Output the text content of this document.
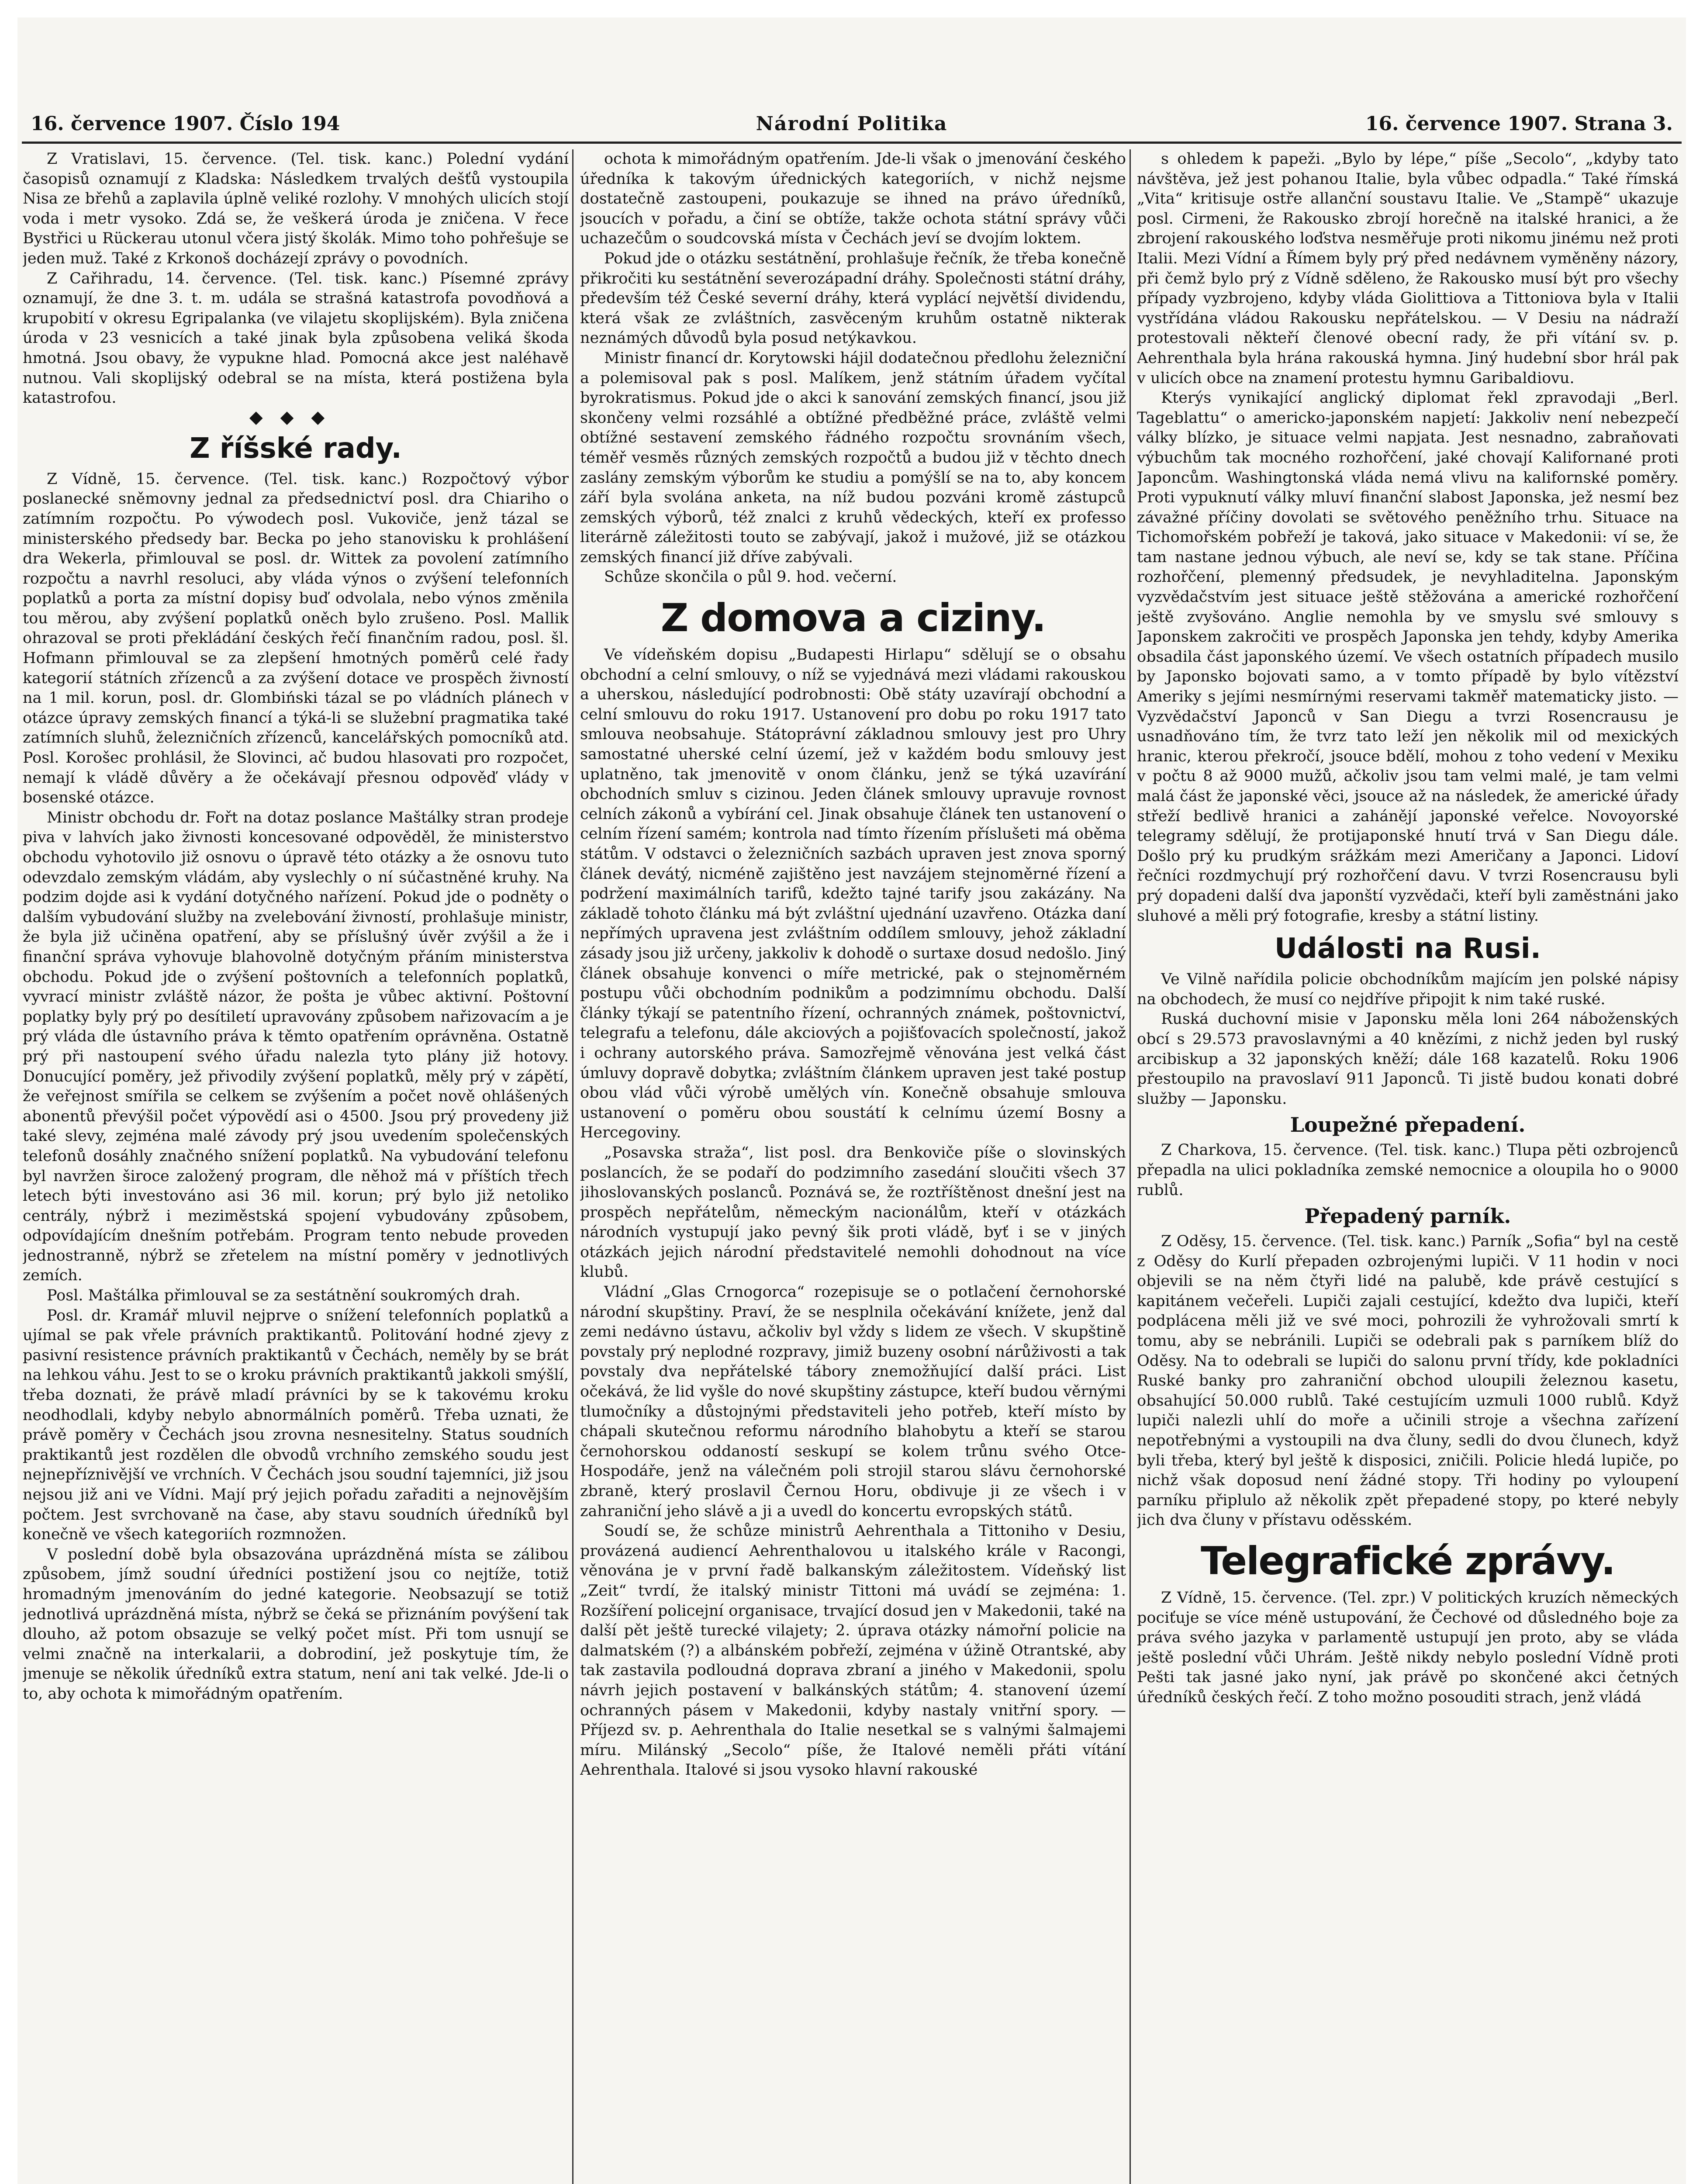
16. července 1907. Číslo 194	Národní Politika	16. července 1907. Strana 3.

Z Vratislavi, 15. července. (Tel. tisk. kanc.) Polední vydání časopisů oznamují z Kladska: Následkem trvalých dešťů vystoupila Nisa ze břehů a zaplavila úplně veliké rozlohy. V mnohých ulicích stojí voda i metr vysoko. Zdá se, že veškerá úroda je zničena. V řece Bystřici u Rückerau utonul včera jistý školák. Mimo toho pohřešuje se jeden muž. Také z Krkonoš docházejí zprávy o povodních.

Z Cařihradu, 14. července. (Tel. tisk. kanc.) Písemné zprávy oznamují, že dne 3. t. m. udála se strašná katastrofa povodňová a krupobití v okresu Egripalanka (ve vilajetu skoplijském). Byla zničena úroda v 23 vesnicích a také jinak byla způsobena veliká škoda hmotná. Jsou obavy, že vypukne hlad. Pomocná akce jest naléhavě nutnou. Vali skoplijský odebral se na místa, která postižena byla katastrofou.

◆◆◆
Z říšské rady.

Z Vídně, 15. července. (Tel. tisk. kanc.) Rozpočtový výbor poslanecké sněmovny jednal za předsednictví posl. dra Chiariho o zatímním rozpočtu. Po výwodech posl. Vukoviče, jenž tázal se ministerského předsedy bar. Becka po jeho stanovisku k prohlášení dra Wekerla, přimlouval se posl. dr. Wittek za povolení zatímního rozpočtu a navrhl resoluci, aby vláda výnos o zvýšení telefonních poplatků a porta za místní dopisy buď odvolala, nebo výnos změnila tou měrou, aby zvýšení poplatků oněch bylo zrušeno. Posl. Mallik ohrazoval se proti překládání českých řečí finančním radou, posl. šl. Hofmann přimlouval se za zlepšení hmotných poměrů celé řady kategorií státních zřízenců a za zvýšení dotace ve prospěch živností na 1 mil. korun, posl. dr. Glombiński tázal se po vládních plánech v otázce úpravy zemských financí a týká-li se služební pragmatika také zatímních sluhů, železničních zřízenců, kancelářských pomocníků atd. Posl. Korošec prohlásil, že Slovinci, ač budou hlasovati pro rozpočet, nemají k vládě důvěry a že očekávají přesnou odpověď vlády v bosenské otázce.

Ministr obchodu dr. Fořt na dotaz poslance Maštálky stran prodeje piva v lahvích jako živnosti koncesované odpověděl, že ministerstvo obchodu vyhotovilo již osnovu o úpravě této otázky a že osnovu tuto odevzdalo zemským vládám, aby vyslechly o ní súčastněné kruhy. Na podzim dojde asi k vydání dotyčného nařízení. Pokud jde o podněty o dalším vybudování služby na zvelebování živností, prohlašuje ministr, že byla již učiněna opatření, aby se příslušný úvěr zvýšil a že i finanční správa vyhovuje blahovolně dotyčným přáním ministerstva obchodu. Pokud jde o zvýšení poštovních a telefonních poplatků, vyvrací ministr zvláště názor, že pošta je vůbec aktivní. Poštovní poplatky byly prý po desítiletí upravovány způsobem nařizovacím a je prý vláda dle ústavního práva k těmto opatřením oprávněna. Ostatně prý při nastoupení svého úřadu nalezla tyto plány již hotovy. Donucující poměry, jež přivodily zvýšení poplatků, měly prý v zápětí, že veřejnost smířila se celkem se zvýšením a počet nově ohlášených abonentů převýšil počet výpovědí asi o 4500. Jsou prý provedeny již také slevy, zejména malé závody prý jsou uvedením společenských telefonů dosáhly značného snížení poplatků. Na vybudování telefonu byl navržen široce založený program, dle něhož má v příštích třech letech býti investováno asi 36 mil. korun; prý bylo již netoliko centrály, nýbrž i meziměstská spojení vybudovány způsobem, odpovídajícím dnešním potřebám. Program tento nebude proveden jednostranně, nýbrž se zřetelem na místní poměry v jednotlivých zemích.

Posl. Maštálka přimlouval se za sestátnění soukromých drah.

Posl. dr. Kramář mluvil nejprve o snížení telefonních poplatků a ujímal se pak vřele právních praktikantů. Politování hodné zjevy z pasivní resistence právních praktikantů v Čechách, neměly by se brát na lehkou váhu. Jest to se o kroku právních praktikantů jakkoli smýšlí, třeba doznati, že právě mladí právníci by se k takovému kroku neodhodlali, kdyby nebylo abnormálních poměrů. Třeba uznati, že právě poměry v Čechách jsou zrovna nesnesitelny. Status soudních praktikantů jest rozdělen dle obvodů vrchního zemského soudu jest nejnepříznivější ve vrchních. V Čechách jsou soudní tajemníci, již jsou nejsou již ani ve Vídni. Mají prý jejich pořadu zařaditi a nejnovějším počtem. Jest svrchovaně na čase, aby stavu soudních úředníků byl konečně ve všech kategoriích rozmnožen.

V poslední době byla obsazována uprázdněná místa se zálibou způsobem, jímž soudní úředníci postižení jsou co nejtíže, totiž hromadným jmenováním do jedné kategorie. Neobsazují se totiž jednotlivá uprázdněná místa, nýbrž se čeká se přiznáním povýšení tak dlouho, až potom obsazuje se velký počet míst. Při tom usnují se velmi značně na interkalarii, a dobrodiní, jež poskytuje tím, že jmenuje se několik úředníků extra statum, není ani tak velké. Jde-li o to, aby ochota k mimořádným opatřením.

ochota k mimořádným opatřením. Jde-li však o jmenování českého úředníka k takovým úřednických kategoriích, v nichž nejsme dostatečně zastoupeni, poukazuje se ihned na právo úředníků, jsoucích v pořadu, a činí se obtíže, takže ochota státní správy vůči uchazečům o soudcovská místa v Čechách jeví se dvojím loktem.

Pokud jde o otázku sestátnění, prohlašuje řečník, že třeba konečně přikročiti ku sestátnění severozápadní dráhy. Společnosti státní dráhy, především též České severní dráhy, která vyplácí největší dividendu, která však ze zvláštních, zasvěceným kruhům ostatně nikterak neznámých důvodů byla posud netýkavkou.

Ministr financí dr. Korytowski hájil dodatečnou předlohu železniční a polemisoval pak s posl. Malíkem, jenž státním úřadem vyčítal byrokratismus. Pokud jde o akci k sanování zemských financí, jsou již skončeny velmi rozsáhlé a obtížné předběžné práce, zvláště velmi obtížné sestavení zemského řádného rozpočtu srovnáním všech, téměř vesměs různých zemských rozpočtů a budou již v těchto dnech zaslány zemským výborům ke studiu a pomýšlí se na to, aby koncem září byla svolána anketa, na níž budou pozváni kromě zástupců zemských výborů, též znalci z kruhů vědeckých, kteří ex professo literárně záležitosti touto se zabývají, jakož i mužové, již se otázkou zemských financí již dříve zabývali.

Schůze skončila o půl 9. hod. večerní.

Z domova a ciziny.

Ve vídeňském dopisu „Budapesti Hirlapu“ sdělují se o obsahu obchodní a celní smlouvy, o níž se vyjednává mezi vládami rakouskou a uherskou, následující podrobnosti: Obě státy uzavírají obchodní a celní smlouvu do roku 1917. Ustanovení pro dobu po roku 1917 tato smlouva neobsahuje. Státoprávní základnou smlouvy jest pro Uhry samostatné uherské celní území, jež v každém bodu smlouvy jest uplatněno, tak jmenovitě v onom článku, jenž se týká uzavírání obchodních smluv s cizinou. Jeden článek smlouvy upravuje rovnost celních zákonů a vybírání cel. Jinak obsahuje článek ten ustanovení o celním řízení samém; kontrola nad tímto řízením příslušeti má oběma státům. V odstavci o železničních sazbách upraven jest znova sporný článek devátý, nicméně zajištěno jest navzájem stejnoměrné řízení a podržení maximálních tarifů, kdežto tajné tarify jsou zakázány. Na základě tohoto článku má být zvláštní ujednání uzavřeno. Otázka daní nepřímých upravena jest zvláštním oddílem smlouvy, jehož základní zásady jsou již určeny, jakkoliv k dohodě o surtaxe dosud nedošlo. Jiný článek obsahuje konvenci o míře metrické, pak o stejnoměrném postupu vůči obchodním podnikům a podzimnímu obchodu. Další články týkají se patentního řízení, ochranných známek, poštovnictví, telegrafu a telefonu, dále akciových a pojišťovacích společností, jakož i ochrany autorského práva. Samozřejmě věnována jest velká část úmluvy dopravě dobytka; zvláštním článkem upraven jest také postup obou vlád vůči výrobě umělých vín. Konečně obsahuje smlouva ustanovení o poměru obou soustátí k celnímu území Bosny a Hercegoviny.

„Posavska straža“, list posl. dra Benkoviče píše o slovinských poslancích, že se podaří do podzimního zasedání sloučiti všech 37 jihoslovanských poslanců. Poznává se, že roztříštěnost dnešní jest na prospěch nepřátelům, německým nacionálům, kteří v otázkách národních vystupují jako pevný šik proti vládě, byť i se v jiných otázkách jejich národní představitelé nemohli dohodnout na více klubů.

Vládní „Glas Crnogorca“ rozepisuje se o potlačení černohorské národní skupštiny. Praví, že se nesplnila očekávání knížete, jenž dal zemi nedávno ústavu, ačkoliv byl vždy s lidem ze všech. V skupštině povstaly prý neplodné rozpravy, jimiž buzeny osobní nárůživosti a tak povstaly dva nepřátelské tábory znemožňující další práci. List očekává, že lid vyšle do nové skupštiny zástupce, kteří budou věrnými tlumočníky a důstojnými představiteli jeho potřeb, kteří místo by chápali skutečnou reformu národního blahobytu a kteří se starou černohorskou oddaností seskupí se kolem trůnu svého Otce-Hospodáře, jenž na válečném poli strojil starou slávu černohorské zbraně, který proslavil Černou Horu, obdivuje ji ze všech i v zahraniční jeho slávě a ji a uvedl do koncertu evropských států.

Soudí se, že schůze ministrů Aehrenthala a Tittoniho v Desiu, provázená audiencí Aehrenthalovou u italského krále v Racongi, věnována je v první řadě balkanským záležitostem. Vídeňský list „Zeit“ tvrdí, že italský ministr Tittoni má uvádí se zejména: 1. Rozšíření policejní organisace, trvající dosud jen v Makedonii, také na další pět ještě turecké vilajety; 2. úprava otázky námořní policie na dalmatském (?) a albánském pobřeží, zejména v úžině Otrantské, aby tak zastavila podloudná doprava zbraní a jiného v Makedonii, spolu návrh jejich postavení v balkánských státům; 4. stanovení území ochranných pásem v Makedonii, kdyby nastaly vnitřní spory. — Příjezd sv. p. Aehrenthala do Italie nesetkal se s valnými šalmajemi míru. Milánský „Secolo“ píše, že Italové neměli přáti vítání Aehrenthala. Italové si jsou vysoko hlavní rakouské

s ohledem k papeži. „Bylo by lépe,“ píše „Secolo“, „kdyby tato návštěva, jež jest pohanou Italie, byla vůbec odpadla.“ Také římská „Vita“ kritisuje ostře allanční soustavu Italie. Ve „Stampě“ ukazuje posl. Cirmeni, že Rakousko zbrojí horečně na italské hranici, a že zbrojení rakouského loďstva nesměřuje proti nikomu jinému než proti Italii. Mezi Vídní a Římem byly prý před nedávnem vyměněny názory, při čemž bylo prý z Vídně sděleno, že Rakousko musí být pro všechy případy vyzbrojeno, kdyby vláda Giolittiova a Tittoniova byla v Italii vystřídána vládou Rakousku nepřátelskou. — V Desiu na nádraží protestovali někteří členové obecní rady, že při vítání sv. p. Aehrenthala byla hrána rakouská hymna. Jiný hudební sbor hrál pak v ulicích obce na znamení protestu hymnu Garibaldiovu.

Kterýs vynikající anglický diplomat řekl zpravodaji „Berl. Tageblattu“ o americko-japonském napjetí: Jakkoliv není nebezpečí války blízko, je situace velmi napjata. Jest nesnadno, zabraňovati výbuchům tak mocného rozhořčení, jaké chovají Kalifornané proti Japoncům. Washingtonská vláda nemá vlivu na kalifornské poměry. Proti vypuknutí války mluví finanční slabost Japonska, jež nesmí bez závažné příčiny dovolati se světového peněžního trhu. Situace na Tichomořském pobřeží je taková, jako situace v Makedonii: ví se, že tam nastane jednou výbuch, ale neví se, kdy se tak stane. Příčina rozhořčení, plemenný předsudek, je nevyhladitelna. Japonským vyzvědačstvím jest situace ještě stěžována a americké rozhořčení ještě zvyšováno. Anglie nemohla by ve smyslu své smlouvy s Japonskem zakročiti ve prospěch Japonska jen tehdy, kdyby Amerika obsadila část japonského území. Ve všech ostatních případech musilo by Japonsko bojovati samo, a v tomto případě by bylo vítězství Ameriky s jejími nesmírnými reservami takměř matematicky jisto. — Vyzvědačství Japonců v San Diegu a tvrzi Rosencrausu je usnadňováno tím, že tvrz tato leží jen několik mil od mexických hranic, kterou překročí, jsouce bdělí, mohou z toho vedení v Mexiku v počtu 8 až 9000 mužů, ačkoliv jsou tam velmi malé, je tam velmi malá část že japonské věci, jsouce až na následek, že americké úřady střeží bedlivě hranici a zahánějí japonské veřelce. Novoyorské telegramy sdělují, že protijaponské hnutí trvá v San Diegu dále. Došlo prý ku prudkým srážkám mezi Američany a Japonci. Lidoví řečníci rozdmychují prý rozhořčení davu. V tvrzi Rosencrausu byli prý dopadeni další dva japonští vyzvědači, kteří byli zaměstnáni jako sluhové a měli prý fotografie, kresby a státní listiny.

Události na Rusi.

Ve Vilně nařídila policie obchodníkům majícím jen polské nápisy na obchodech, že musí co nejdříve připojit k nim také ruské.

Ruská duchovní misie v Japonsku měla loni 264 náboženských obcí s 29.573 pravoslavnými a 40 knězími, z nichž jeden byl ruský arcibiskup a 32 japonských kněží; dále 168 kazatelů. Roku 1906 přestoupilo na pravoslaví 911 Japonců. Ti jistě budou konati dobré služby — Japonsku.

Loupežné přepadení.

Z Charkova, 15. července. (Tel. tisk. kanc.) Tlupa pěti ozbrojenců přepadla na ulici pokladníka zemské nemocnice a oloupila ho o 9000 rublů.

Přepadený parník.

Z Oděsy, 15. července. (Tel. tisk. kanc.) Parník „Sofia“ byl na cestě z Oděsy do Kurlí přepaden ozbrojenými lupiči. V 11 hodin v noci objevili se na něm čtyři lidé na palubě, kde právě cestující s kapitánem večeřeli. Lupiči zajali cestující, kdežto dva lupiči, kteří podplácena měli již ve své moci, pohrozili že vyhrožovali smrtí k tomu, aby se nebránili. Lupiči se odebrali pak s parníkem blíž do Oděsy. Na to odebrali se lupiči do salonu první třídy, kde pokladníci Ruské banky pro zahraniční obchod uloupili železnou kasetu, obsahující 50.000 rublů. Také cestujícím uzmuli 1000 rublů. Když lupiči nalezli uhlí do moře a učinili stroje a všechna zařízení nepotřebnými a vystoupili na dva čluny, sedli do dvou člunech, když byli třeba, který byl ještě k disposici, zničili. Policie hledá lupiče, po nichž však doposud není žádné stopy. Tři hodiny po vyloupení parníku připlulo až několik zpět přepadené stopy, po které nebyly jich dva čluny v přístavu oděsském.

Telegrafické zprávy.

Z Vídně, 15. července. (Tel. zpr.) V politických kruzích německých pociťuje se více méně ustupování, že Čechové od důsledného boje za práva svého jazyka v parlamentě ustupují jen proto, aby se vláda ještě poslední vůči Uhrám. Ještě nikdy nebylo poslední Vídně proti Pešti tak jasné jako nyní, jak právě po skončené akci četných úředníků českých řečí. Z toho možno posouditi strach, jenž vládá
